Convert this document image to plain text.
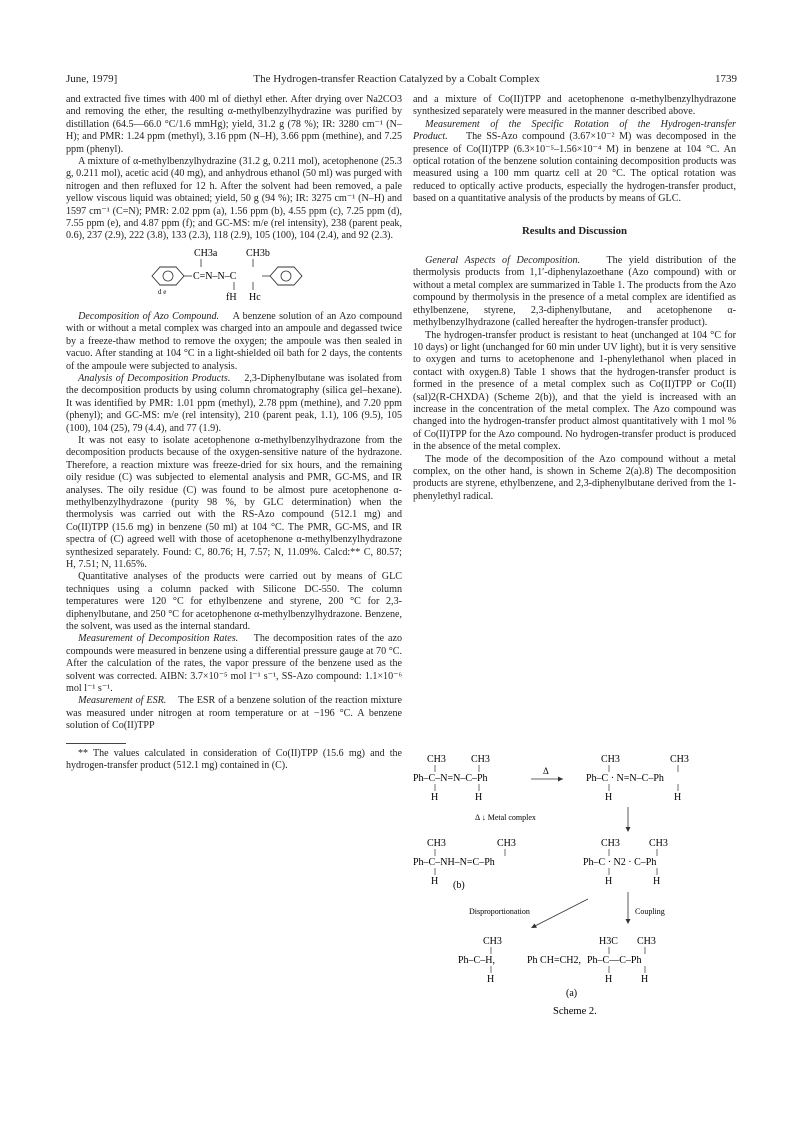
June, 1979]	The Hydrogen-transfer Reaction Catalyzed by a Cobalt Complex	1739

and extracted five times with 400 ml of diethyl ether. After drying over Na2CO3 and removing the ether, the resulting α-methylbenzylhydrazine was purified by distillation (64.5—66.0 °C/1.6 mmHg); yield, 31.2 g (78 %); IR: 3280 cm⁻¹ (N–H); and PMR: 1.24 ppm (methyl), 3.16 ppm (N–H), 3.66 ppm (methine), and 7.25 ppm (phenyl).

A mixture of α-methylbenzylhydrazine (31.2 g, 0.211 mol), acetophenone (25.3 g, 0.211 mol), acetic acid (40 mg), and anhydrous ethanol (50 ml) was purged with nitrogen and then refluxed for 12 h. After the solvent had been removed, a pale yellow viscous liquid was obtained; yield, 50 g (94 %); IR: 3275 cm⁻¹ (N–H) and 1597 cm⁻¹ (C=N); PMR: 2.02 ppm (a), 1.56 ppm (b), 4.55 ppm (c), 7.25 ppm (d), 7.55 ppm (e), and 4.87 ppm (f); and GC-MS: m/e (rel intensity), 238 (parent peak, 0.6), 237 (2.9), 222 (3.8), 133 (2.3), 118 (2.9), 105 (100), 104 (2.4), and 92 (2.3).

CH3a	CH3b
C=N–N–C
fH Hc
d e

Decomposition of Azo Compound. A benzene solution of an Azo compound with or without a metal complex was charged into an ampoule and degassed twice by a freeze-thaw method to remove the oxygen; the ampoule was then sealed in vacuo. After standing at 104 °C in a light-shielded oil bath for 2 days, the contents of the ampoule were subjected to analysis.

Analysis of Decomposition Products. 2,3-Diphenylbutane was isolated from the decomposition products by using column chromatography (silica gel–hexane). It was identified by PMR: 1.01 ppm (methyl), 2.78 ppm (methine), and 7.20 ppm (phenyl); and GC-MS: m/e (rel intensity), 210 (parent peak, 1.1), 106 (9.5), 105 (100), 104 (25), 79 (4.4), and 77 (1.9).

It was not easy to isolate acetophenone α-methylbenzylhydrazone from the decomposition products because of the oxygen-sensitive nature of the hydrazone. Therefore, a reaction mixture was freeze-dried for six hours, and the remaining oily residue (C) was subjected to elemental analysis and PMR, GC-MS, and IR analyses. The oily residue (C) was found to be almost pure acetophenone α-methylbenzylhydrazone (purity 98 %, by GLC determination) when the thermolysis was carried out with the RS-Azo compound (512.1 mg) and Co(II)TPP (15.6 mg) in benzene (50 ml) at 104 °C. The PMR, GC-MS, and IR spectra of (C) agreed well with those of acetophenone α-methylbenzylhydrazone synthesized separately. Found: C, 80.76; H, 7.57; N, 11.09%. Calcd:** C, 80.57; H, 7.51; N, 11.65%.

Quantitative analyses of the products were carried out by means of GLC techniques using a column packed with Silicone DC-550. The column temperatures were 120 °C for ethylbenzene and styrene, 200 °C for 2,3-diphenylbutane, and 250 °C for acetophenone α-methylbenzylhydrazone. Benzene, the solvent, was used as the internal standard.

Measurement of Decomposition Rates. The decomposition rates of the azo compounds were measured in benzene using a differential pressure gauge at 70 °C. After the calculation of the rates, the vapor pressure of the benzene used as the solvent was corrected. AIBN: 3.7×10⁻⁵ mol l⁻¹ s⁻¹, SS-Azo compound: 1.1×10⁻⁶ mol l⁻¹ s⁻¹.

Measurement of ESR. The ESR of a benzene solution of the reaction mixture was measured under nitrogen at room temperature or at −196 °C. A benzene solution of Co(II)TPP

** The values calculated in consideration of Co(II)TPP (15.6 mg) and the hydrogen-transfer product (512.1 mg) contained in (C).

and a mixture of Co(II)TPP and acetophenone α-methylbenzylhydrazone synthesized separately were measured in the manner described above.

Measurement of the Specific Rotation of the Hydrogen-transfer Product. The SS-Azo compound (3.67×10⁻² M) was decomposed in the presence of Co(II)TPP (6.3×10⁻⁵–1.56×10⁻⁴ M) in benzene at 104 °C. An optical rotation of the benzene solution containing decomposition products was measured using a 100 mm quartz cell at 20 °C. The optical rotation was reduced to optically active products, especially the hydrogen-transfer product, based on a quantitative analysis of the products by means of GLC.

Results and Discussion

General Aspects of Decomposition.	The yield distribution of the thermolysis products from 1,1′-diphenylazoethane (Azo compound) with or without a metal complex are summarized in Table 1. The products from the Azo compound by thermolysis in the presence of a metal complex are identified as ethylbenzene, styrene, 2,3-diphenylbutane, and acetophenone α-methylbenzylhydrazone (called hereafter the hydrogen-transfer product).

The hydrogen-transfer product is resistant to heat (unchanged at 104 °C for 10 days) or light (unchanged for 60 min under UV light), but it is very sensitive to oxygen and turns to acetophenone and 1-phenylethanol when placed in contact with oxygen.8) Table 1 shows that the hydrogen-transfer product is formed in the presence of a metal complex such as Co(II)TPP or Co(II)(sal)2(R-CHXDA) (Scheme 2(b)), and that the yield is increased with an increase in the concentration of the metal complex. The Azo compound was changed into the hydrogen-transfer product almost quantitatively with 1 mol % of Co(II)TPP for the Azo compound. No hydrogen-transfer product is produced in the absence of the metal complex.

The mode of the decomposition of the Azo compound without a metal complex, on the other hand, is shown in Scheme 2(a).8) The decomposition products are styrene, ethylbenzene, and 2,3-diphenylbutane derived from the 1-phenylethyl radical.

CH3	CH3
Ph–C–N=N–C–Ph
H	H
Δ
CH3	CH3
Ph–C · N=N–C–Ph
H	H
Δ ↓ Metal complex
CH3	CH3
Ph–C–NH–N=C–Ph
H (b)
CH3	CH3
Ph–C · N2 · C–Ph
H	H
Disproportionation	Coupling
CH3
Ph–C–H,
H
Ph CH=CH2,
H3C CH3
Ph–C––C–Ph
H	H
(a)
Scheme 2.
